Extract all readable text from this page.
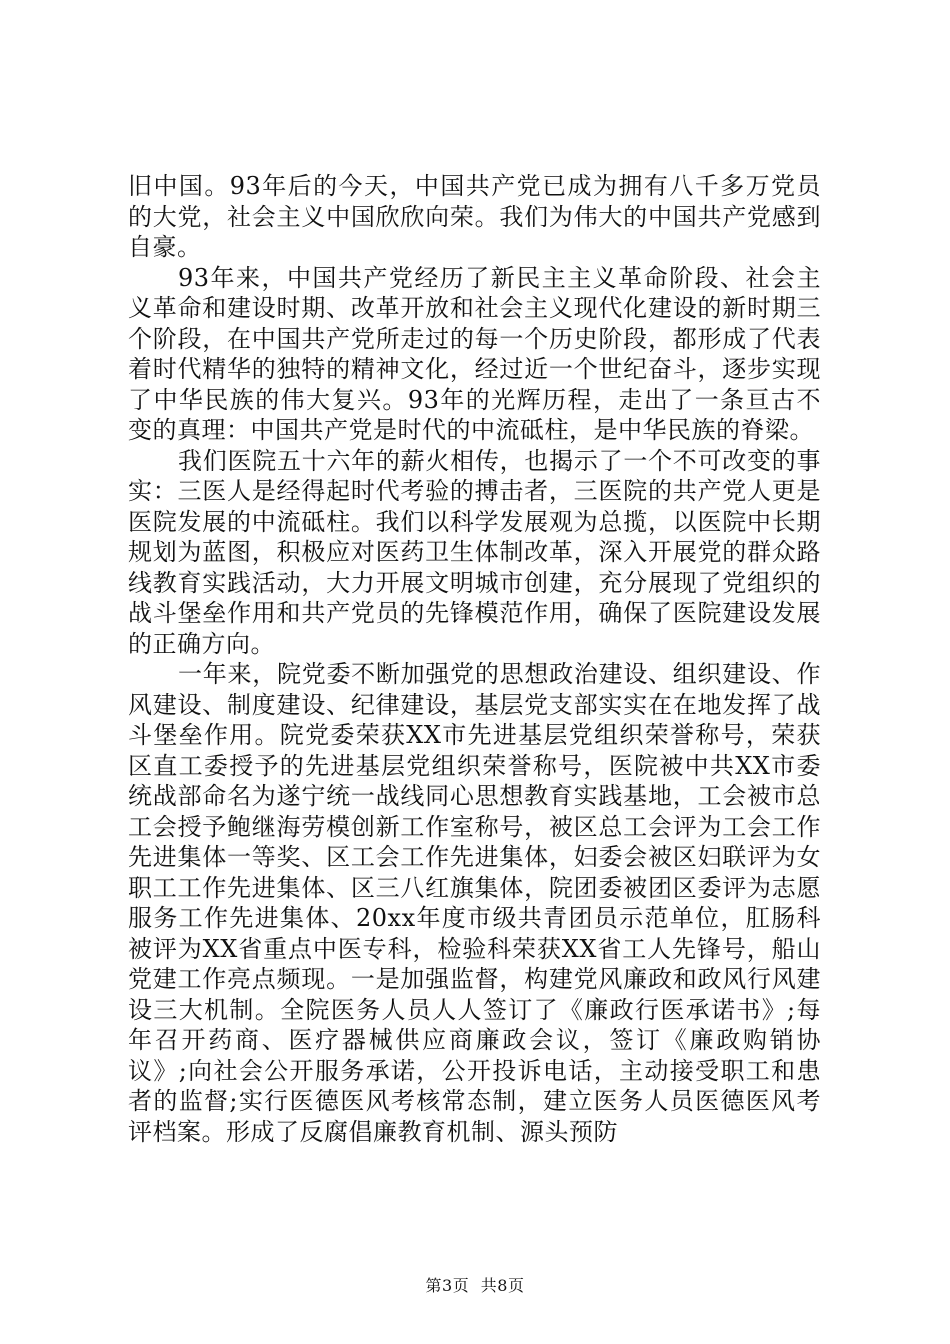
旧中国。93年后的今天，中国共产党已成为拥有八千多万党员的大党，社会主义中国欣欣向荣。我们为伟大的中国共产党感到自豪。

93年来，中国共产党经历了新民主主义革命阶段、社会主义革命和建设时期、改革开放和社会主义现代化建设的新时期三个阶段，在中国共产党所走过的每一个历史阶段，都形成了代表着时代精华的独特的精神文化，经过近一个世纪奋斗，逐步实现了中华民族的伟大复兴。93年的光辉历程，走出了一条亘古不变的真理：中国共产党是时代的中流砥柱，是中华民族的脊梁。

我们医院五十六年的薪火相传，也揭示了一个不可改变的事实：三医人是经得起时代考验的搏击者，三医院的共产党人更是医院发展的中流砥柱。我们以科学发展观为总揽，以医院中长期规划为蓝图，积极应对医药卫生体制改革，深入开展党的群众路线教育实践活动，大力开展文明城市创建，充分展现了党组织的战斗堡垒作用和共产党员的先锋模范作用，确保了医院建设发展的正确方向。

一年来，院党委不断加强党的思想政治建设、组织建设、作风建设、制度建设、纪律建设，基层党支部实实在在地发挥了战斗堡垒作用。院党委荣获XX市先进基层党组织荣誉称号，荣获区直工委授予的先进基层党组织荣誉称号，医院被中共XX市委统战部命名为遂宁统一战线同心思想教育实践基地，工会被市总工会授予鲍继海劳模创新工作室称号，被区总工会评为工会工作先进集体一等奖、区工会工作先进集体，妇委会被区妇联评为女职工工作先进集体、区三八红旗集体，院团委被团区委评为志愿服务工作先进集体、20xx年度市级共青团员示范单位，肛肠科被评为XX省重点中医专科，检验科荣获XX省工人先锋号，船山党建工作亮点频现。一是加强监督，构建党风廉政和政风行风建设三大机制。全院医务人员人人签订了《廉政行医承诺书》;每年召开药商、医疗器械供应商廉政会议，签订《廉政购销协议》;向社会公开服务承诺，公开投诉电话，主动接受职工和患者的监督;实行医德医风考核常态制，建立医务人员医德医风考评档案。形成了反腐倡廉教育机制、源头预防

第3页 共8页
